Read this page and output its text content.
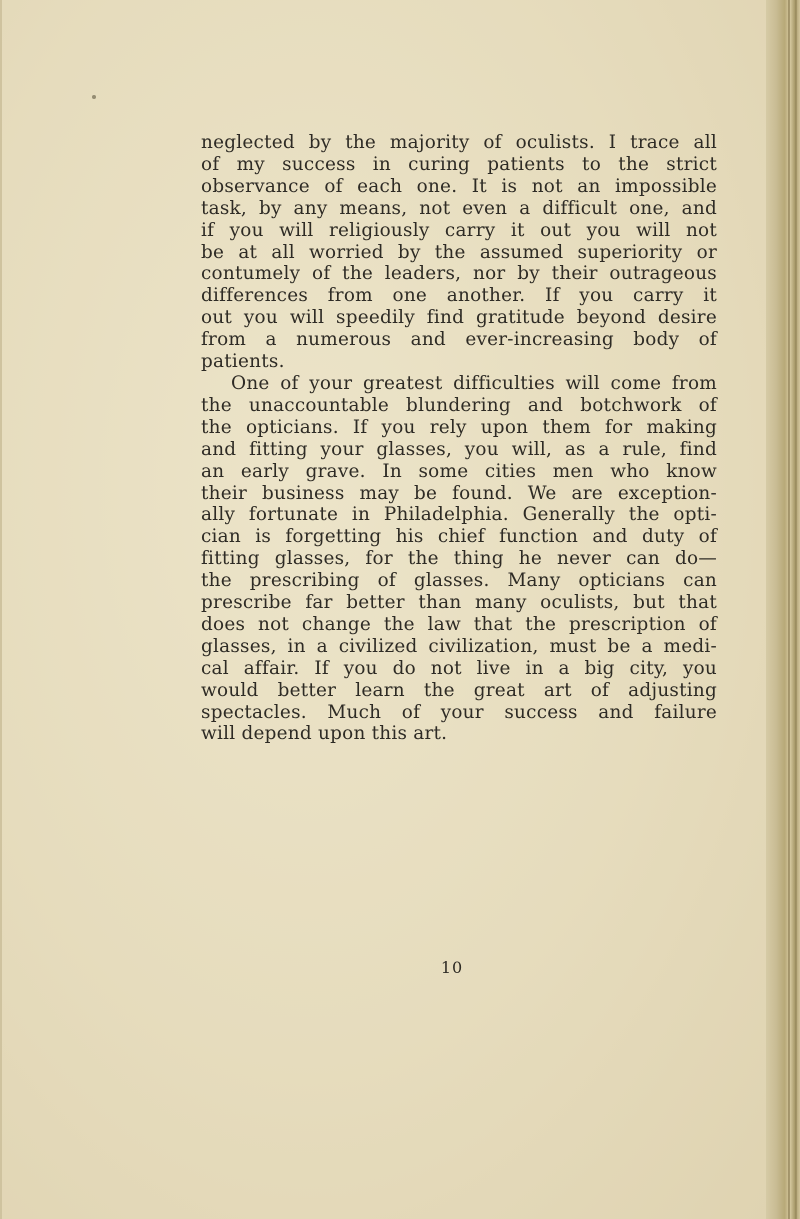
neglected by the majority of oculists. I trace all

of my success in curing patients to the strict

observance of each one. It is not an impossible

task, by any means, not even a difficult one, and

if you will religiously carry it out you will not

be at all worried by the assumed superiority or

contumely of the leaders, nor by their outrageous

differences from one another. If you carry it

out you will speedily find gratitude beyond desire

from a numerous and ever-increasing body of

patients.

One of your greatest difficulties will come from

the unaccountable blundering and botchwork of

the opticians. If you rely upon them for making

and fitting your glasses, you will, as a rule, find

an early grave. In some cities men who know

their business may be found. We are exception-

ally fortunate in Philadelphia. Generally the opti-

cian is forgetting his chief function and duty of

fitting glasses, for the thing he never can do—

the prescribing of glasses. Many opticians can

prescribe far better than many oculists, but that

does not change the law that the prescription of

glasses, in a civilized civilization, must be a medi-

cal affair. If you do not live in a big city, you

would better learn the great art of adjusting

spectacles. Much of your success and failure

will depend upon this art.

10
